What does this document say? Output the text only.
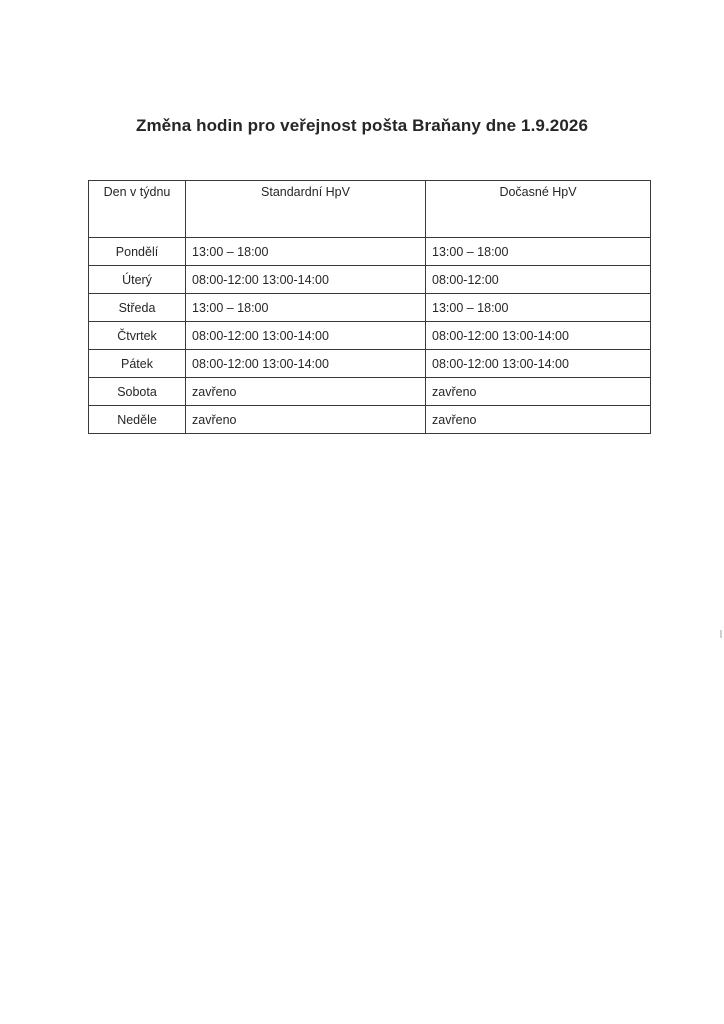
Změna hodin pro veřejnost pošta Braňany dne 1.9.2026
Den v týdnu	Standardní HpV	Dočasné HpV
Pondělí	13:00 – 18:00	13:00 – 18:00
Úterý	08:00-12:00 13:00-14:00	08:00-12:00
Středa	13:00 – 18:00	13:00 – 18:00
Čtvrtek	08:00-12:00 13:00-14:00	08:00-12:00 13:00-14:00
Pátek	08:00-12:00 13:00-14:00	08:00-12:00 13:00-14:00
Sobota	zavřeno	zavřeno
Neděle	zavřeno	zavřeno
